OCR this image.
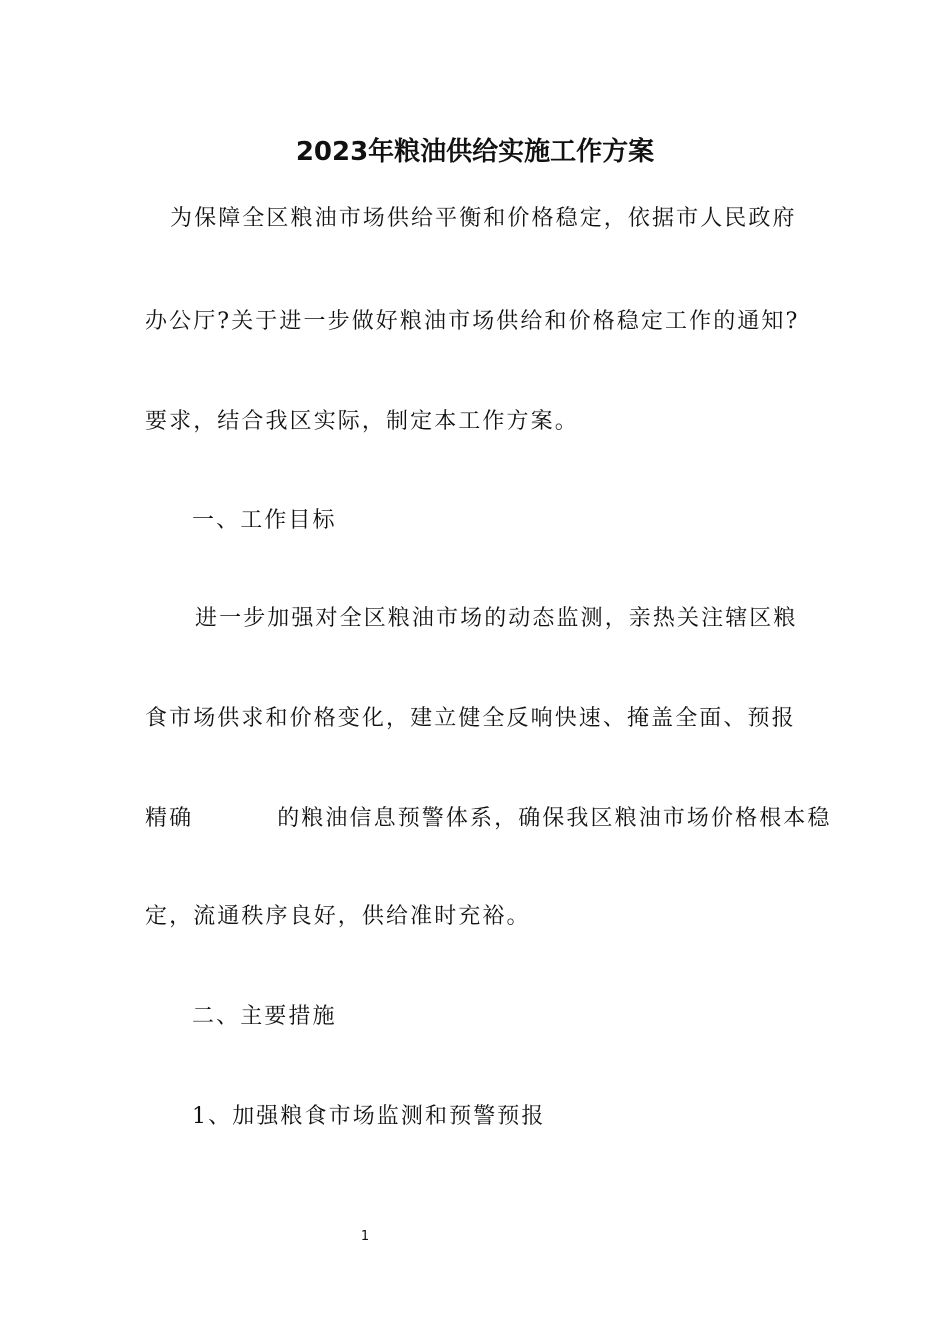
2023年粮油供给实施工作方案
为保障全区粮油市场供给平衡和价格稳定，依据市人民政府
办公厅?关于进一步做好粮油市场供给和价格稳定工作的通知?
要求，结合我区实际，制定本工作方案。
一、工作目标
进一步加强对全区粮油市场的动态监测，亲热关注辖区粮
食市场供求和价格变化，建立健全反响快速、掩盖全面、预报
精确	的粮油信息预警体系，确保我区粮油市场价格根本稳
定，流通秩序良好，供给准时充裕。
二、主要措施
1、加强粮食市场监测和预警预报
1
